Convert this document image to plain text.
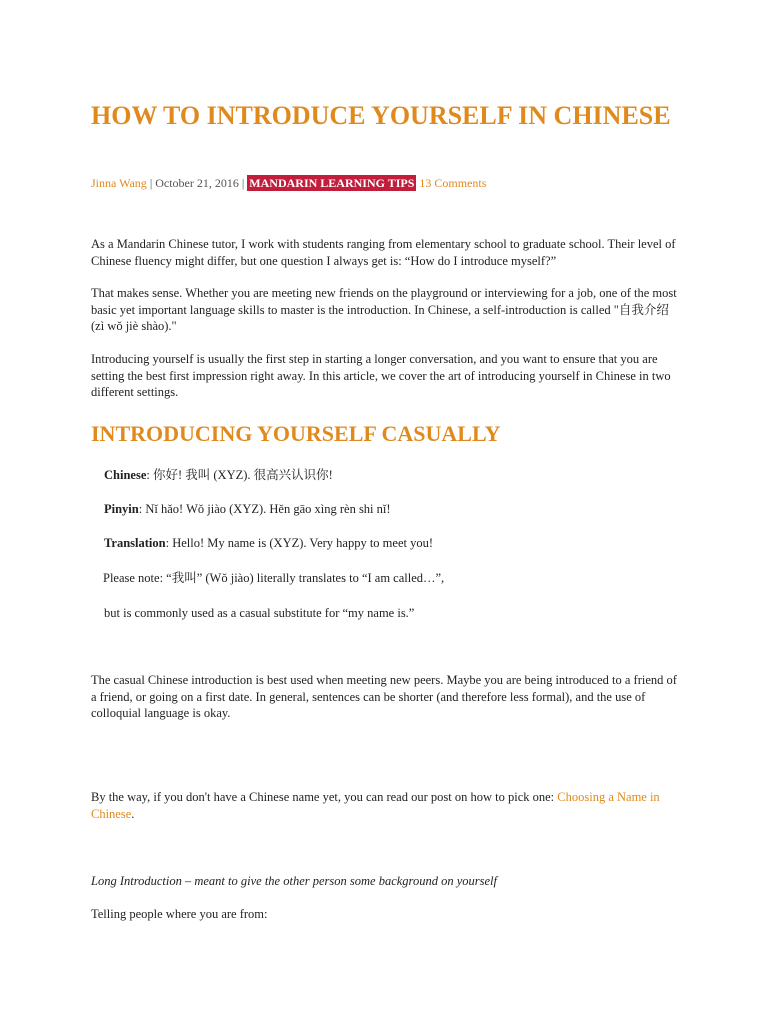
HOW TO INTRODUCE YOURSELF IN CHINESE
Jinna Wang | October 21, 2016 | MANDARIN LEARNING TIPS 13 Comments

As a Mandarin Chinese tutor, I work with students ranging from elementary school to graduate school. Their level of Chinese fluency might differ, but one question I always get is: “How do I introduce myself?”

That makes sense. Whether you are meeting new friends on the playground or interviewing for a job, one of the most basic yet important language skills to master is the introduction. In Chinese, a self-introduction is called "自我介绍 (zì wǒ jiè shào)."

Introducing yourself is usually the first step in starting a longer conversation, and you want to ensure that you are setting the best first impression right away. In this article, we cover the art of introducing yourself in Chinese in two different settings.

INTRODUCING YOURSELF CASUALLY

Chinese: 你好! 我叫 (XYZ). 很高兴认识你!

Pinyin: Nǐ hǎo! Wǒ jiào (XYZ). Hěn gāo xìng rèn shi nǐ!

Translation: Hello! My name is (XYZ). Very happy to meet you!

Please note: “我叫” (Wǒ jiào) literally translates to “I am called…”,

but is commonly used as a casual substitute for “my name is.”

The casual Chinese introduction is best used when meeting new peers. Maybe you are being introduced to a friend of a friend, or going on a first date. In general, sentences can be shorter (and therefore less formal), and the use of colloquial language is okay.

By the way, if you don't have a Chinese name yet, you can read our post on how to pick one: Choosing a Name in Chinese.

Long Introduction – meant to give the other person some background on yourself

Telling people where you are from:
